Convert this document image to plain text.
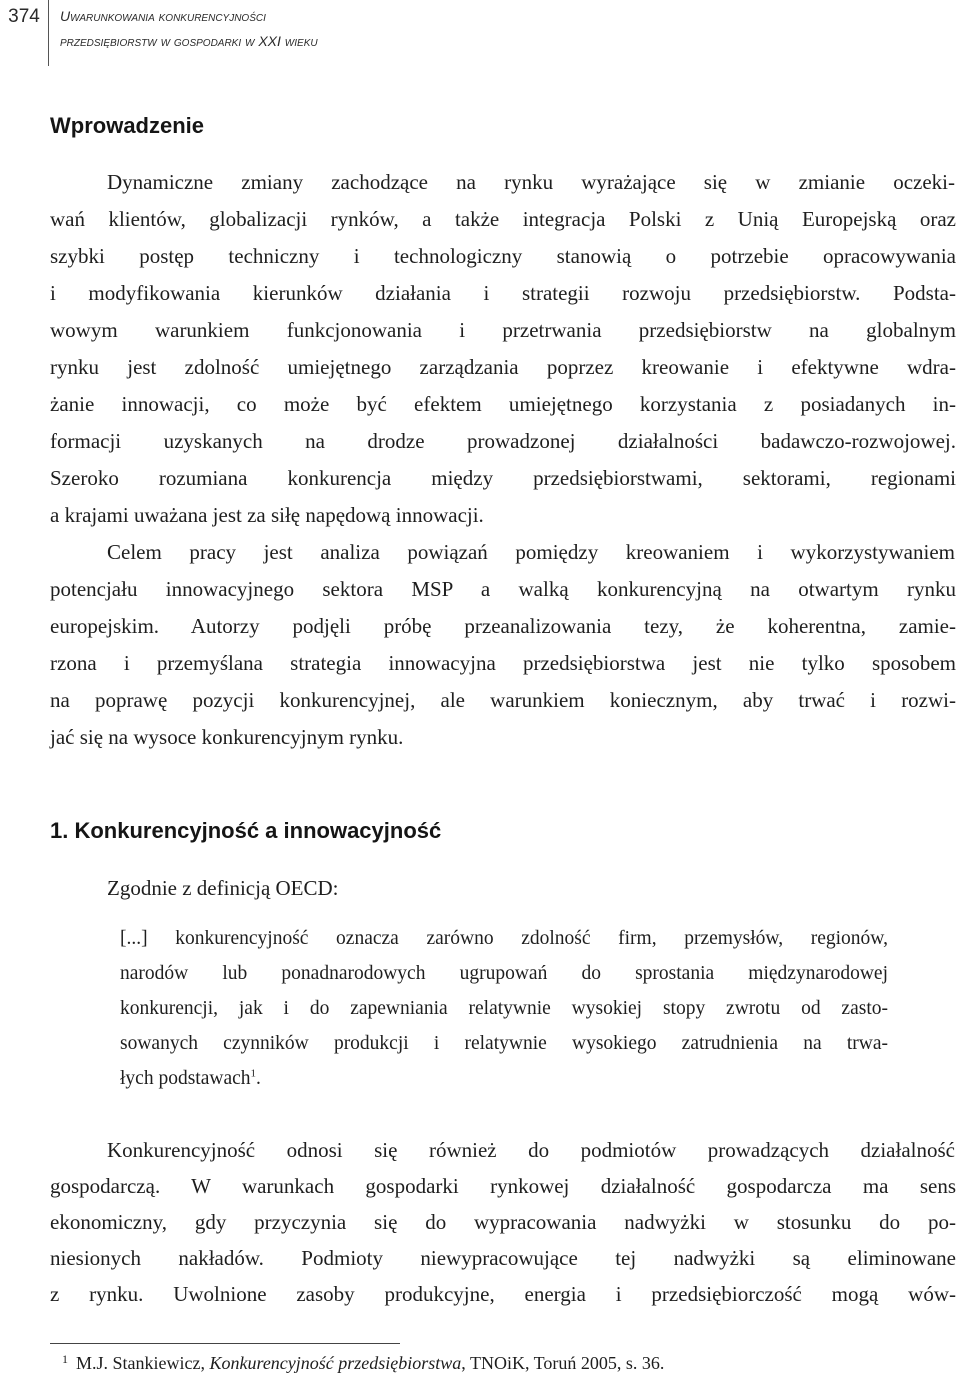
374	Uwarunkowania konkurencyjności
przedsiębiorstw w gospodarki w XXI wieku
Wprowadzenie
Dynamiczne zmiany zachodzące na rynku wyrażające się w zmianie oczeki-
wań klientów, globalizacji rynków, a także integracja Polski z Unią Europejską oraz
szybki postęp techniczny i technologiczny stanowią o potrzebie opracowywania
i modyfikowania kierunków działania i strategii rozwoju przedsiębiorstw. Podsta-
wowym warunkiem funkcjonowania i przetrwania przedsiębiorstw na globalnym
rynku jest zdolność umiejętnego zarządzania poprzez kreowanie i efektywne wdra-
żanie innowacji, co może być efektem umiejętnego korzystania z posiadanych in-
formacji uzyskanych na drodze prowadzonej działalności badawczo-rozwojowej.
Szeroko rozumiana konkurencja między przedsiębiorstwami, sektorami, regionami
a krajami uważana jest za siłę napędową innowacji.
Celem pracy jest analiza powiązań pomiędzy kreowaniem i wykorzystywaniem
potencjału innowacyjnego sektora MSP a walką konkurencyjną na otwartym rynku
europejskim. Autorzy podjęli próbę przeanalizowania tezy, że koherentna, zamie-
rzona i przemyślana strategia innowacyjna przedsiębiorstwa jest nie tylko sposobem
na poprawę pozycji konkurencyjnej, ale warunkiem koniecznym, aby trwać i rozwi-
jać się na wysoce konkurencyjnym rynku.
1. Konkurencyjność a innowacyjność
Zgodnie z definicją OECD:
[...] konkurencyjność oznacza zarówno zdolność firm, przemysłów, regionów,
narodów lub ponadnarodowych ugrupowań do sprostania międzynarodowej
konkurencji, jak i do zapewniania relatywnie wysokiej stopy zwrotu od zasto-
sowanych czynników produkcji i relatywnie wysokiego zatrudnienia na trwa-
łych podstawach$^1$.
Konkurencyjność odnosi się również do podmiotów prowadzących działalność
gospodarczą. W warunkach gospodarki rynkowej działalność gospodarcza ma sens
ekonomiczny, gdy przyczynia się do wypracowania nadwyżki w stosunku do po-
niesionych nakładów. Podmioty niewypracowujące tej nadwyżki są eliminowane
z rynku. Uwolnione zasoby produkcyjne, energia i przedsiębiorczość mogą wów-
$^1$ M.J. Stankiewicz, Konkurencyjność przedsiębiorstwa, TNOiK, Toruń 2005, s. 36.
